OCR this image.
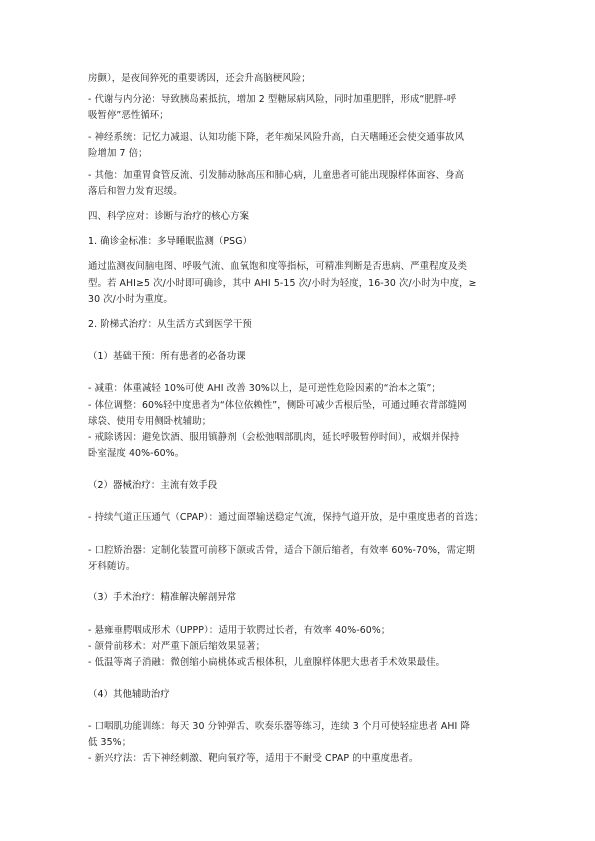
房颤），是夜间猝死的重要诱因，还会升高脑梗风险；
- 代谢与内分泌：导致胰岛素抵抗，增加 2 型糖尿病风险，同时加重肥胖，形成“肥胖-呼
吸暂停”恶性循环；
- 神经系统：记忆力减退、认知功能下降，老年痴呆风险升高，白天嗜睡还会使交通事故风
险增加 7 倍；
- 其他：加重胃食管反流、引发肺动脉高压和肺心病，儿童患者可能出现腺样体面容、身高
落后和智力发育迟缓。
四、科学应对：诊断与治疗的核心方案
1. 确诊金标准：多导睡眠监测（PSG）
通过监测夜间脑电图、呼吸气流、血氧饱和度等指标，可精准判断是否患病、严重程度及类
型。若 AHI≥5 次/小时即可确诊，其中 AHI 5-15 次/小时为轻度，16-30 次/小时为中度，≥
30 次/小时为重度。
2. 阶梯式治疗：从生活方式到医学干预
（1）基础干预：所有患者的必备功课
- 减重：体重减轻 10%可使 AHI 改善 30%以上，是可逆性危险因素的“治本之策”；
- 体位调整：60%轻中度患者为“体位依赖性”，侧卧可减少舌根后坠，可通过睡衣背部缝网
球袋、使用专用侧卧枕辅助；
- 戒除诱因：避免饮酒、服用镇静剂（会松弛咽部肌肉，延长呼吸暂停时间），戒烟并保持
卧室湿度 40%-60%。
（2）器械治疗：主流有效手段
- 持续气道正压通气（CPAP）：通过面罩输送稳定气流，保持气道开放，是中重度患者的首选；
- 口腔矫治器：定制化装置可前移下颌或舌骨，适合下颌后缩者，有效率 60%-70%，需定期
牙科随访。
（3）手术治疗：精准解决解剖异常
- 悬雍垂腭咽成形术（UPPP）：适用于软腭过长者，有效率 40%-60%；
- 颌骨前移术：对严重下颌后缩效果显著；
- 低温等离子消融：微创缩小扁桃体或舌根体积，儿童腺样体肥大患者手术效果最佳。
（4）其他辅助治疗
- 口咽肌功能训练：每天 30 分钟弹舌、吹奏乐器等练习，连续 3 个月可使轻症患者 AHI 降
低 35%；
- 新兴疗法：舌下神经刺激、靶向氧疗等，适用于不耐受 CPAP 的中重度患者。
